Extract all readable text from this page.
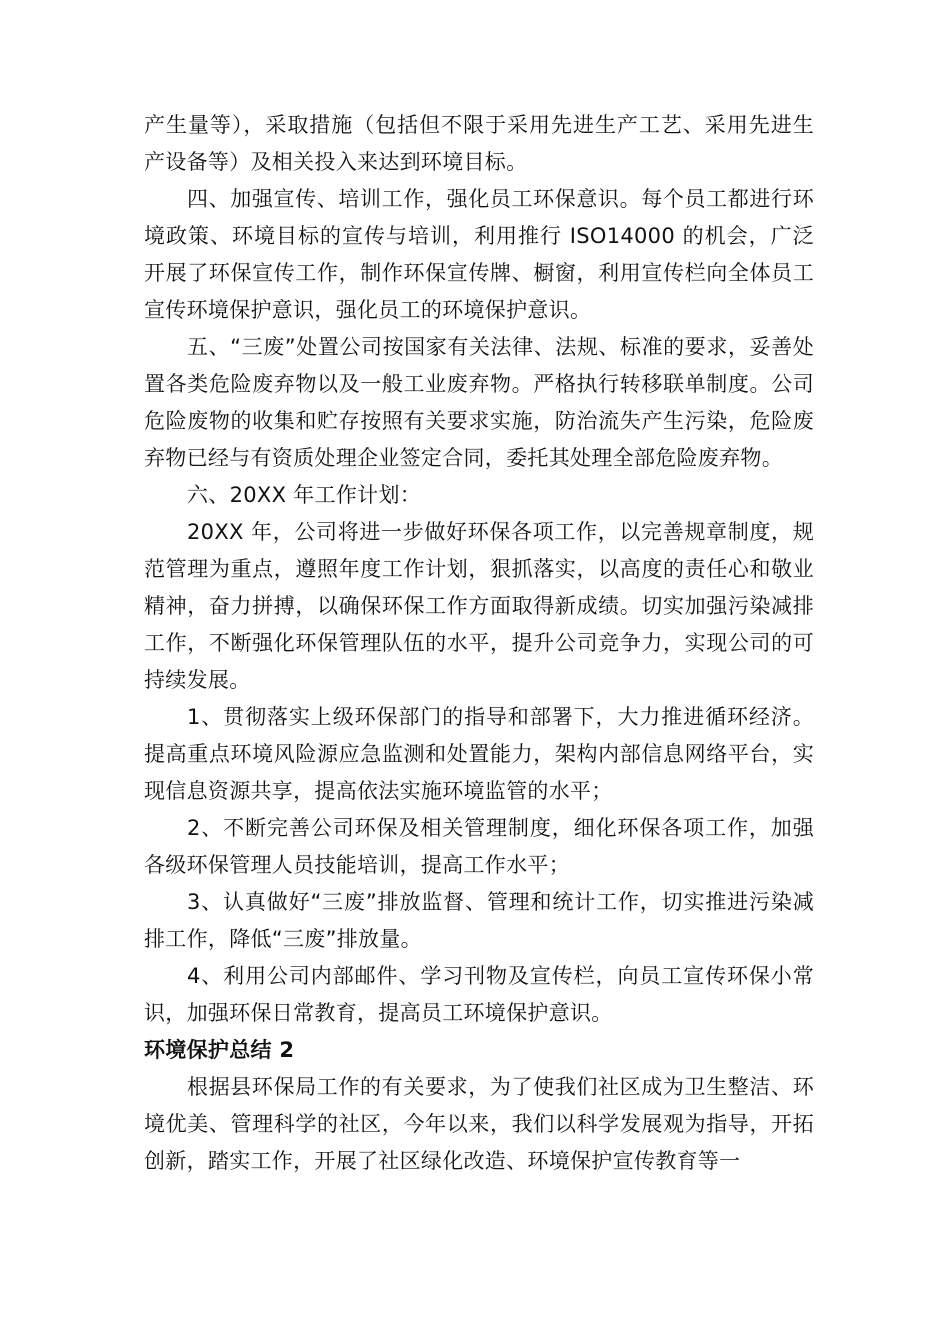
产生量等），采取措施（包括但不限于采用先进生产工艺、采用先进生产设备等）及相关投入来达到环境目标。

四、加强宣传、培训工作，强化员工环保意识。每个员工都进行环境政策、环境目标的宣传与培训，利用推行 ISO14000 的机会，广泛开展了环保宣传工作，制作环保宣传牌、橱窗，利用宣传栏向全体员工宣传环境保护意识，强化员工的环境保护意识。

五、“三废”处置公司按国家有关法律、法规、标准的要求，妥善处置各类危险废弃物以及一般工业废弃物。严格执行转移联单制度。公司危险废物的收集和贮存按照有关要求实施，防治流失产生污染，危险废弃物已经与有资质处理企业签定合同，委托其处理全部危险废弃物。

六、20XX 年工作计划：

20XX 年，公司将进一步做好环保各项工作，以完善规章制度，规范管理为重点，遵照年度工作计划，狠抓落实，以高度的责任心和敬业精神，奋力拼搏，以确保环保工作方面取得新成绩。切实加强污染减排工作，不断强化环保管理队伍的水平，提升公司竞争力，实现公司的可持续发展。

1、贯彻落实上级环保部门的指导和部署下，大力推进循环经济。提高重点环境风险源应急监测和处置能力，架构内部信息网络平台，实现信息资源共享，提高依法实施环境监管的水平；

2、不断完善公司环保及相关管理制度，细化环保各项工作，加强各级环保管理人员技能培训，提高工作水平；

3、认真做好“三废”排放监督、管理和统计工作，切实推进污染减排工作，降低“三废”排放量。

4、利用公司内部邮件、学习刊物及宣传栏，向员工宣传环保小常识，加强环保日常教育，提高员工环境保护意识。

环境保护总结 2

根据县环保局工作的有关要求，为了使我们社区成为卫生整洁、环境优美、管理科学的社区，今年以来，我们以科学发展观为指导，开拓创新，踏实工作，开展了社区绿化改造、环境保护宣传教育等一
